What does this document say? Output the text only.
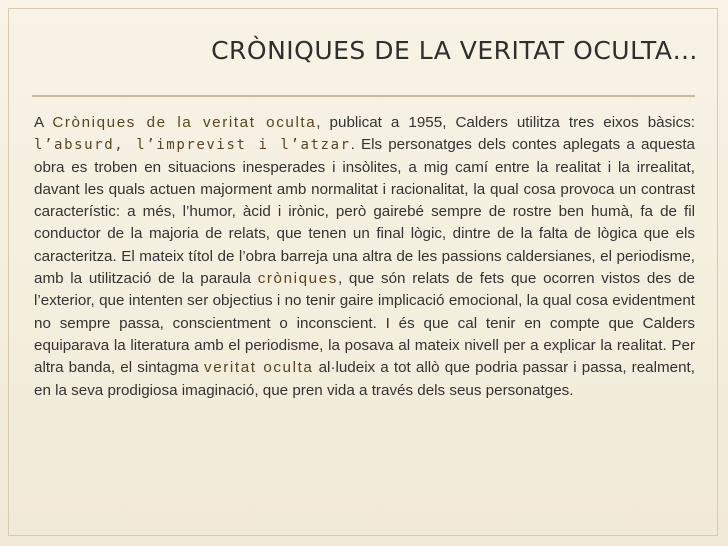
CRÒNIQUES DE LA VERITAT OCULTA…
A Cròniques de la veritat oculta, publicat a 1955, Calders utilitza tres eixos bàsics: l’absurd, l’imprevist i l’atzar. Els personatges dels contes aplegats a aquesta obra es troben en situacions inesperades i insòlites, a mig camí entre la realitat i la irrealitat, davant les quals actuen majorment amb normalitat i racionalitat, la qual cosa provoca un contrast característic: a més, l’humor, àcid i irònic, però gairebé sempre de rostre ben humà, fa de fil conductor de la majoria de relats, que tenen un final lògic, dintre de la falta de lògica que els caracteritza. El mateix títol de l’obra barreja una altra de les passions caldersianes, el periodisme, amb la utilització de la paraula cròniques, que són relats de fets que ocorren vistos des de l’exterior, que intenten ser objectius i no tenir gaire implicació emocional, la qual cosa evidentment no sempre passa, conscientment o inconscient. I és que cal tenir en compte que Calders equiparava la literatura amb el periodisme, la posava al mateix nivell per a explicar la realitat. Per altra banda, el sintagma veritat oculta al·ludeix a tot allò que podria passar i passa, realment, en la seva prodigiosa imaginació, que pren vida a través dels seus personatges.
